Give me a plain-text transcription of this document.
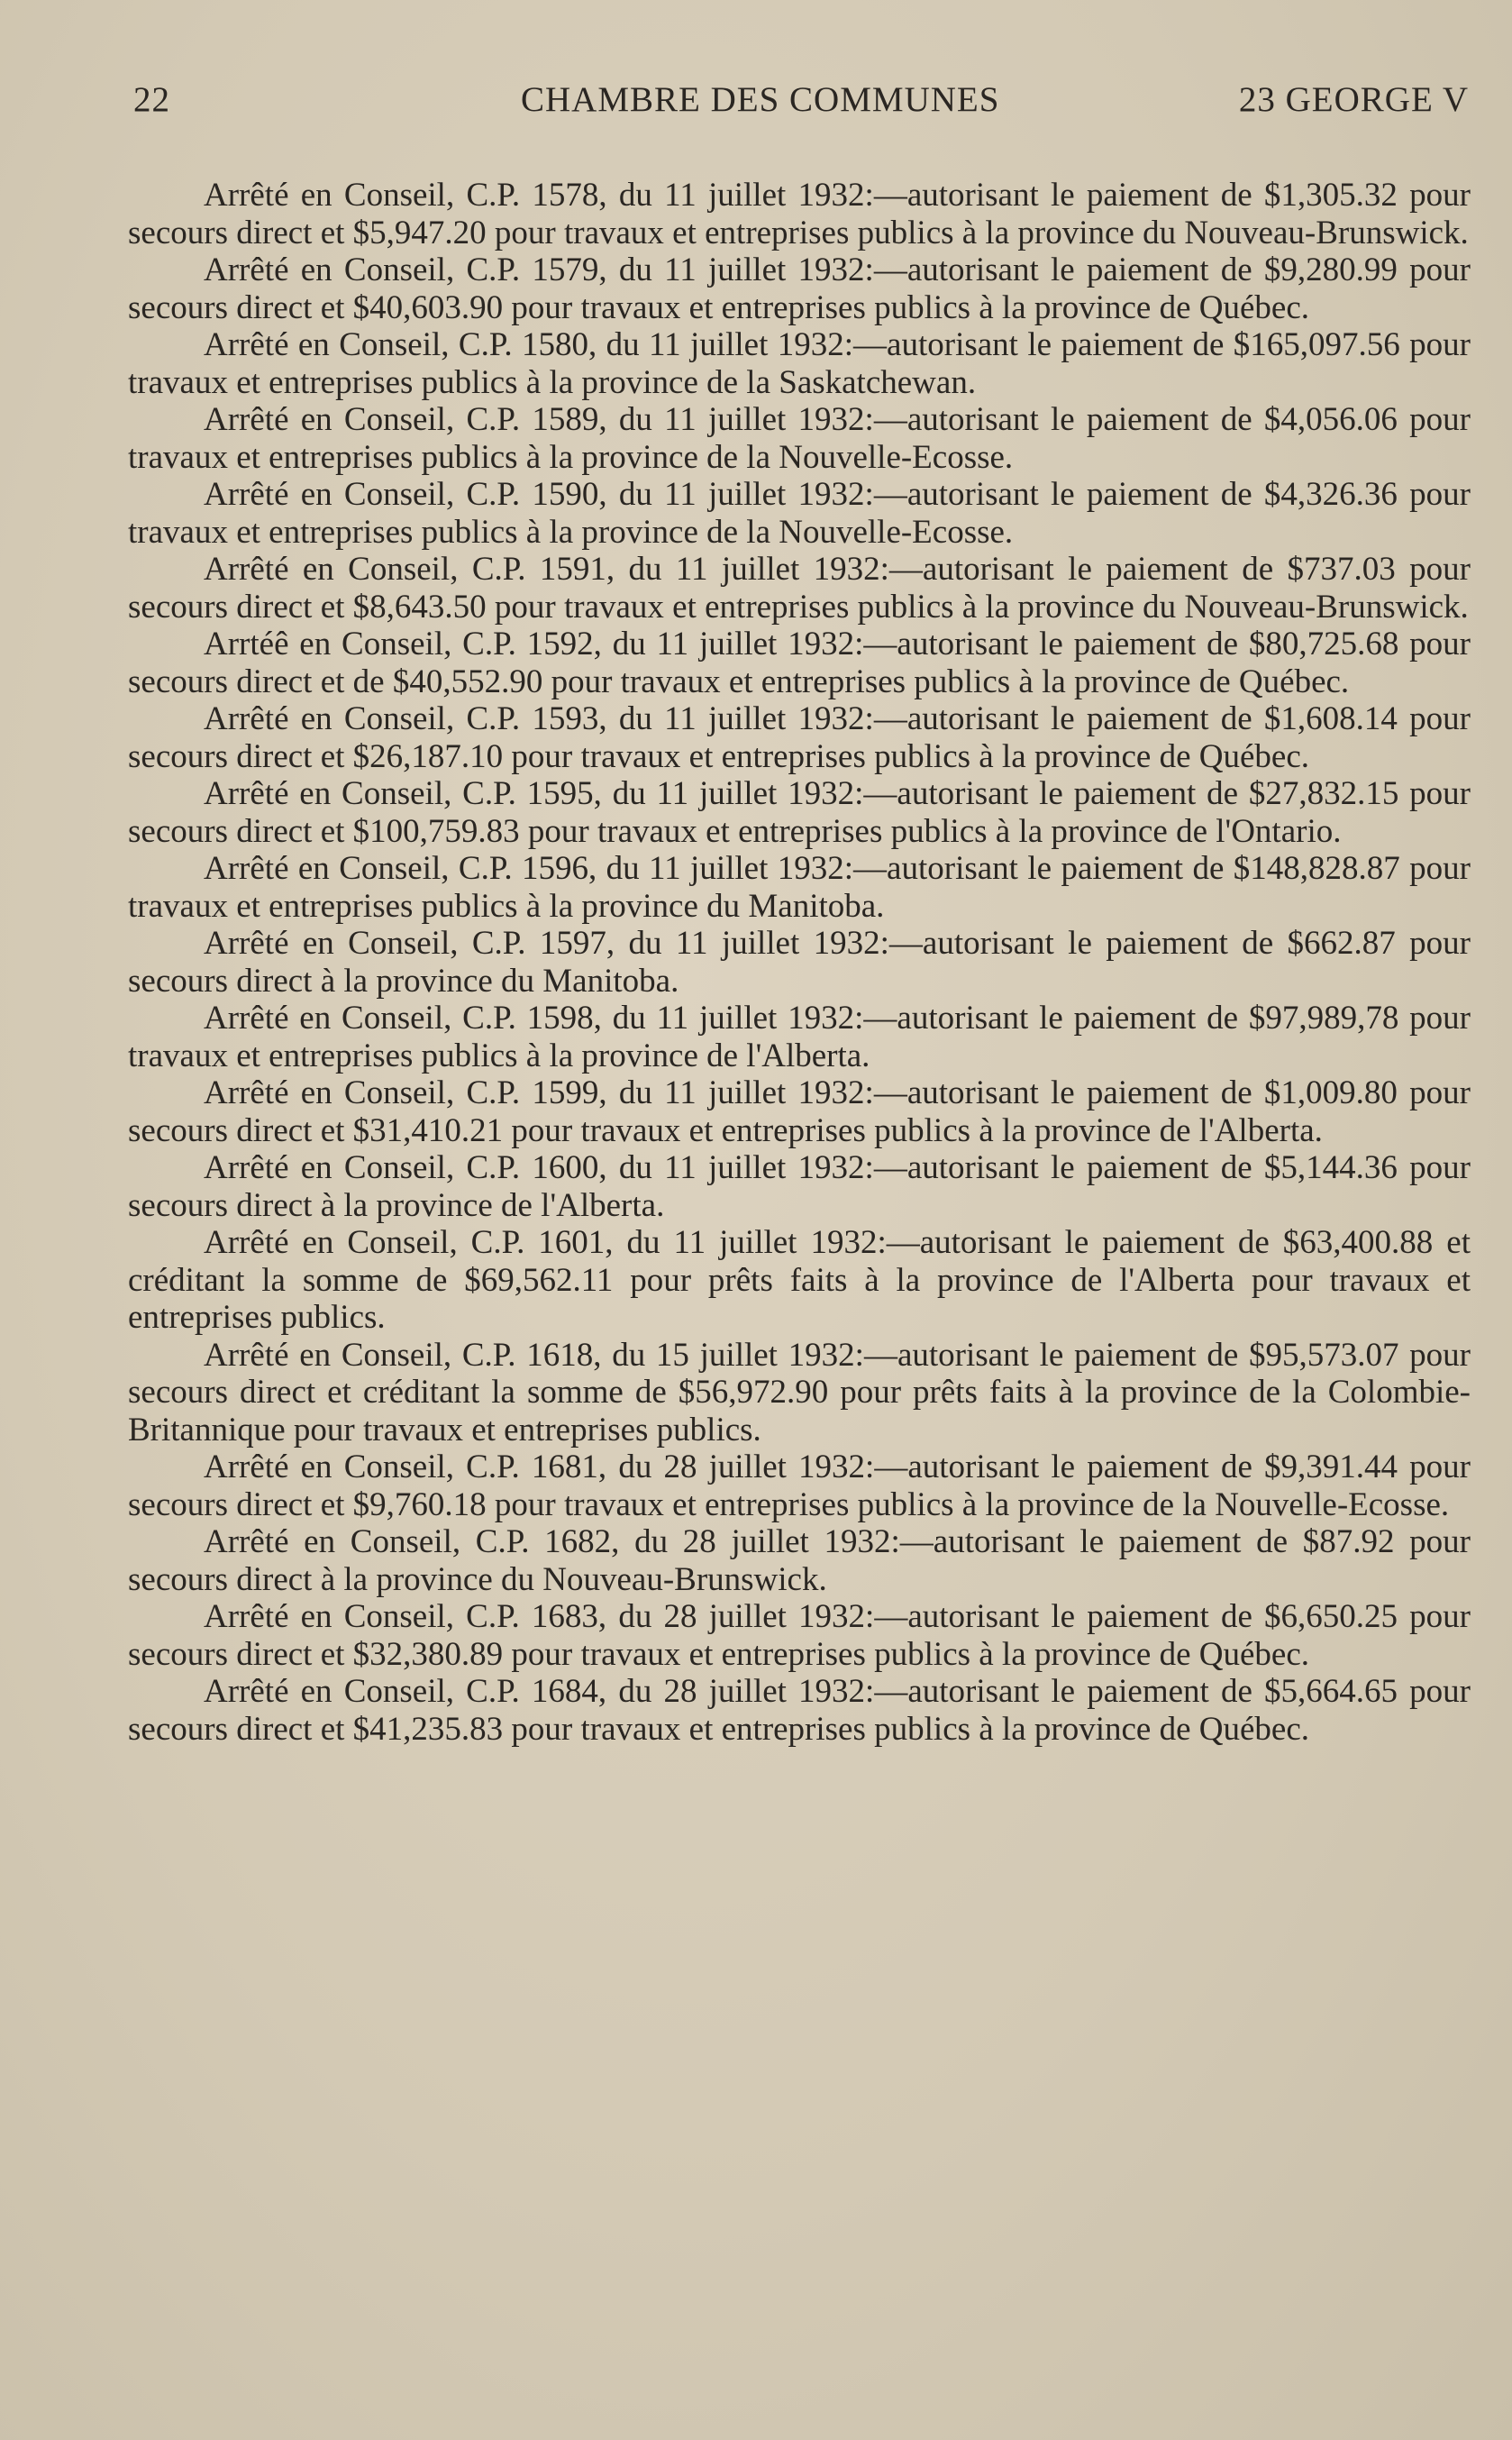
22	CHAMBRE DES COMMUNES	23 GEORGE V

Arrêté en Conseil, C.P. 1578, du 11 juillet 1932:—autorisant le paiement de $1,305.32 pour secours direct et $5,947.20 pour travaux et entreprises publics à la province du Nouveau-Brunswick.

Arrêté en Conseil, C.P. 1579, du 11 juillet 1932:—autorisant le paiement de $9,280.99 pour secours direct et $40,603.90 pour travaux et entreprises publics à la province de Québec.

Arrêté en Conseil, C.P. 1580, du 11 juillet 1932:—autorisant le paiement de $165,097.56 pour travaux et entreprises publics à la province de la Saskatchewan.

Arrêté en Conseil, C.P. 1589, du 11 juillet 1932:—autorisant le paiement de $4,056.06 pour travaux et entreprises publics à la province de la Nouvelle-Ecosse.

Arrêté en Conseil, C.P. 1590, du 11 juillet 1932:—autorisant le paiement de $4,326.36 pour travaux et entreprises publics à la province de la Nouvelle-Ecosse.

Arrêté en Conseil, C.P. 1591, du 11 juillet 1932:—autorisant le paiement de $737.03 pour secours direct et $8,643.50 pour travaux et entreprises publics à la province du Nouveau-Brunswick.

Arrtéê en Conseil, C.P. 1592, du 11 juillet 1932:—autorisant le paiement de $80,725.68 pour secours direct et de $40,552.90 pour travaux et entreprises publics à la province de Québec.

Arrêté en Conseil, C.P. 1593, du 11 juillet 1932:—autorisant le paiement de $1,608.14 pour secours direct et $26,187.10 pour travaux et entreprises publics à la province de Québec.

Arrêté en Conseil, C.P. 1595, du 11 juillet 1932:—autorisant le paiement de $27,832.15 pour secours direct et $100,759.83 pour travaux et entreprises publics à la province de l'Ontario.

Arrêté en Conseil, C.P. 1596, du 11 juillet 1932:—autorisant le paiement de $148,828.87 pour travaux et entreprises publics à la province du Manitoba.

Arrêté en Conseil, C.P. 1597, du 11 juillet 1932:—autorisant le paiement de $662.87 pour secours direct à la province du Manitoba.

Arrêté en Conseil, C.P. 1598, du 11 juillet 1932:—autorisant le paiement de $97,989,78 pour travaux et entreprises publics à la province de l'Alberta.

Arrêté en Conseil, C.P. 1599, du 11 juillet 1932:—autorisant le paiement de $1,009.80 pour secours direct et $31,410.21 pour travaux et entreprises publics à la province de l'Alberta.

Arrêté en Conseil, C.P. 1600, du 11 juillet 1932:—autorisant le paiement de $5,144.36 pour secours direct à la province de l'Alberta.

Arrêté en Conseil, C.P. 1601, du 11 juillet 1932:—autorisant le paiement de $63,400.88 et créditant la somme de $69,562.11 pour prêts faits à la province de l'Alberta pour travaux et entreprises publics.

Arrêté en Conseil, C.P. 1618, du 15 juillet 1932:—autorisant le paiement de $95,573.07 pour secours direct et créditant la somme de $56,972.90 pour prêts faits à la province de la Colombie-Britannique pour travaux et entreprises publics.

Arrêté en Conseil, C.P. 1681, du 28 juillet 1932:—autorisant le paiement de $9,391.44 pour secours direct et $9,760.18 pour travaux et entreprises publics à la province de la Nouvelle-Ecosse.

Arrêté en Conseil, C.P. 1682, du 28 juillet 1932:—autorisant le paiement de $87.92 pour secours direct à la province du Nouveau-Brunswick.

Arrêté en Conseil, C.P. 1683, du 28 juillet 1932:—autorisant le paiement de $6,650.25 pour secours direct et $32,380.89 pour travaux et entreprises publics à la province de Québec.

Arrêté en Conseil, C.P. 1684, du 28 juillet 1932:—autorisant le paiement de $5,664.65 pour secours direct et $41,235.83 pour travaux et entreprises publics à la province de Québec.
